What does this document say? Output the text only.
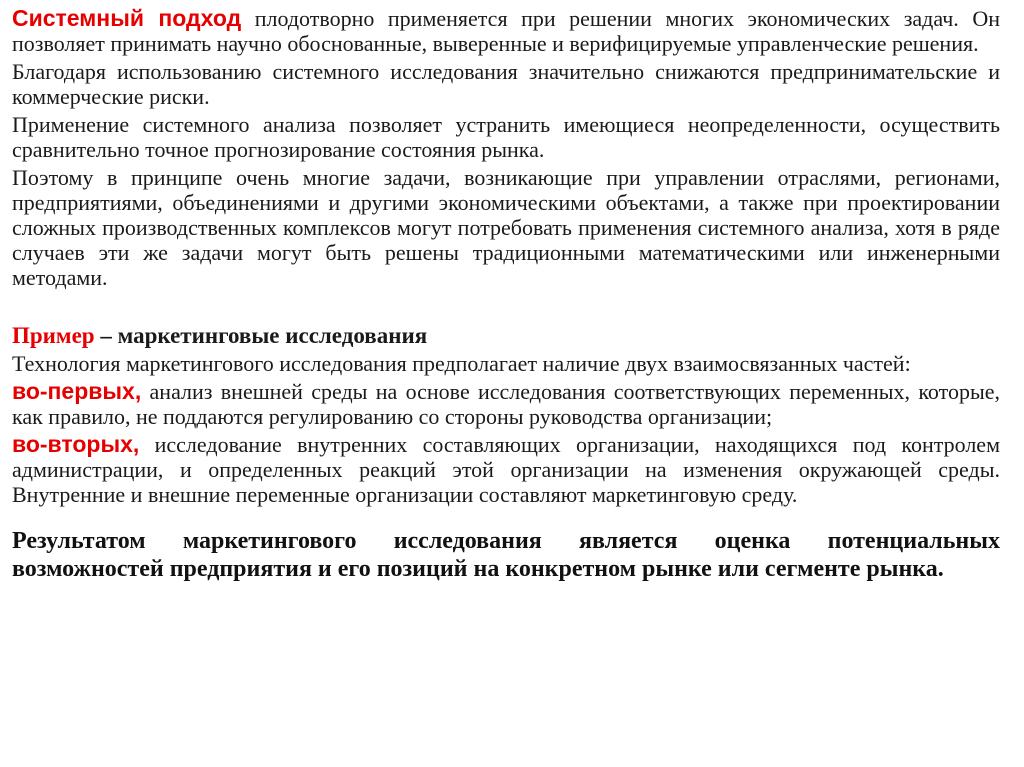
Системный подход плодотворно применяется при решении многих экономических задач. Он позволяет принимать научно обоснованные, выверенные и верифицируемые управленческие решения.

Благодаря использованию системного исследования значительно снижаются предпринимательские и коммерческие риски.

Применение системного анализа позволяет устранить имеющиеся неопределенности, осуществить сравнительно точное прогнозирование состояния рынка.

Поэтому в принципе очень многие задачи, возникающие при управлении отраслями, регионами, предприятиями, объединениями и другими экономическими объектами, а также при проектировании сложных производственных комплексов могут потребовать применения системного анализа, хотя в ряде случаев эти же задачи могут быть решены традиционными математическими или инженерными методами.

Пример – маркетинговые исследования

Технология маркетингового исследования предполагает наличие двух взаимосвязанных частей:

во-первых, анализ внешней среды на основе исследования соответствующих переменных, которые, как правило, не поддаются регулированию со стороны руководства организации;

во-вторых, исследование внутренних составляющих организации, находящихся под контролем администрации, и определенных реакций этой организации на изменения окружающей среды. Внутренние и внешние переменные организации составляют маркетинговую среду.

Результатом маркетингового исследования является оценка потенциальных возможностей предприятия и его позиций на конкретном рынке или сегменте рынка.
